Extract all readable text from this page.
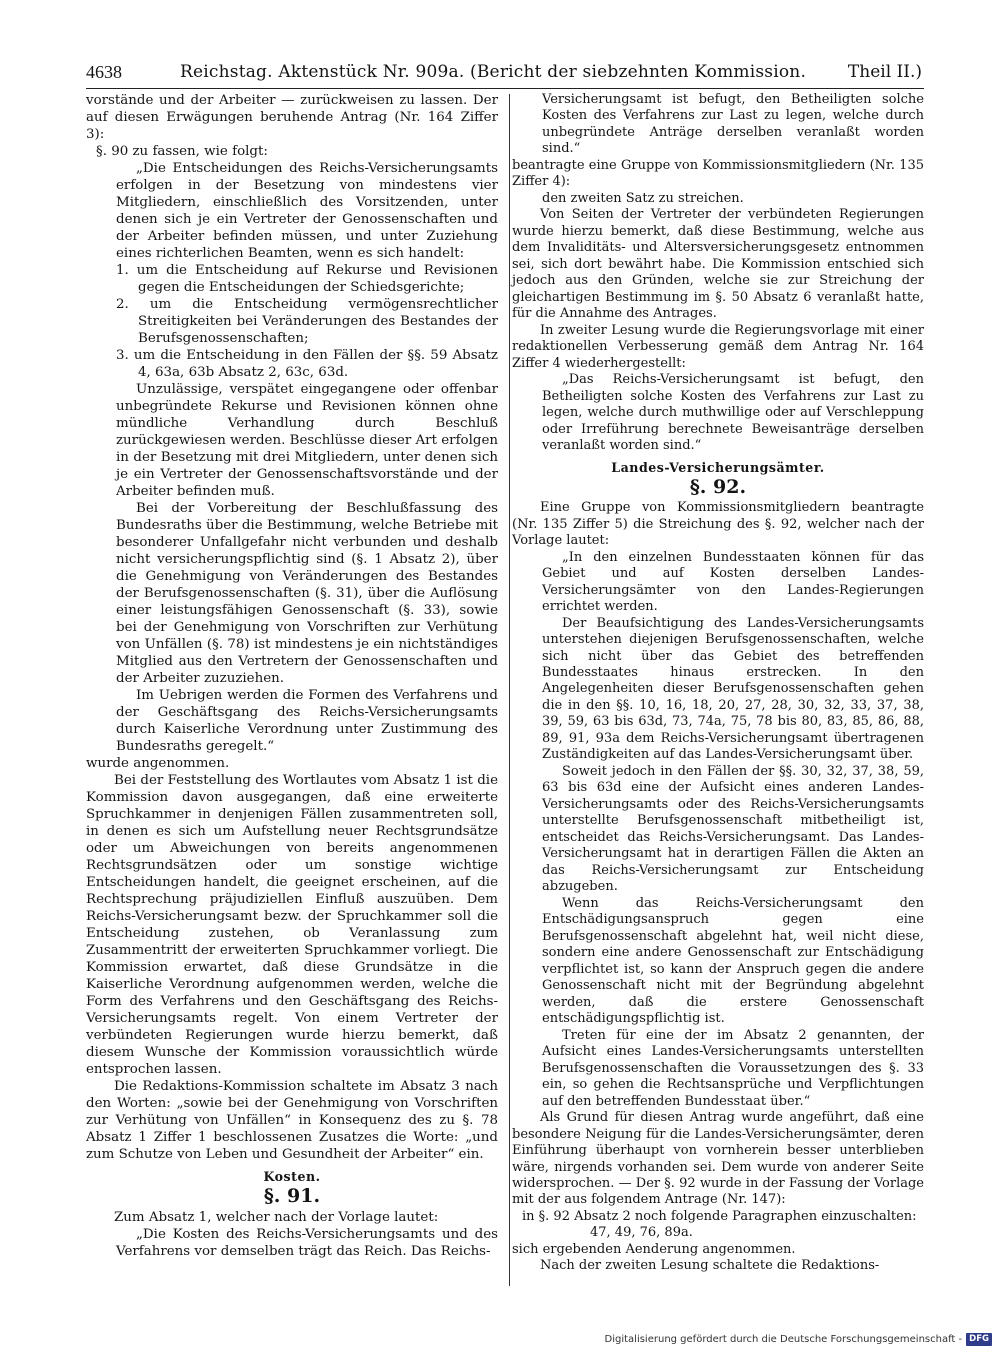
4638	Reichstag. Aktenstück Nr. 909a. (Bericht der siebzehnten Kommission. Theil II.)

vorstände und der Arbeiter — zurückweisen zu lassen. Der auf diesen Erwägungen beruhende Antrag (Nr. 164 Ziffer 3):

§. 90 zu fassen, wie folgt:

„Die Entscheidungen des Reichs-Versicherungsamts erfolgen in der Besetzung von mindestens vier Mitgliedern, einschließlich des Vorsitzenden, unter denen sich je ein Vertreter der Genossenschaften und der Arbeiter befinden müssen, und unter Zuziehung eines richterlichen Beamten, wenn es sich handelt:

1. um die Entscheidung auf Rekurse und Revisionen gegen die Entscheidungen der Schiedsgerichte;

2. um die Entscheidung vermögensrechtlicher Streitigkeiten bei Veränderungen des Bestandes der Berufsgenossenschaften;

3. um die Entscheidung in den Fällen der §§. 59 Absatz 4, 63a, 63b Absatz 2, 63c, 63d.

Unzulässige, verspätet eingegangene oder offenbar unbegründete Rekurse und Revisionen können ohne mündliche Verhandlung durch Beschluß zurückgewiesen werden. Beschlüsse dieser Art erfolgen in der Besetzung mit drei Mitgliedern, unter denen sich je ein Vertreter der Genossenschaftsvorstände und der Arbeiter befinden muß.

Bei der Vorbereitung der Beschlußfassung des Bundesraths über die Bestimmung, welche Betriebe mit besonderer Unfallgefahr nicht verbunden und deshalb nicht versicherungspflichtig sind (§. 1 Absatz 2), über die Genehmigung von Veränderungen des Bestandes der Berufsgenossenschaften (§. 31), über die Auflösung einer leistungsfähigen Genossenschaft (§. 33), sowie bei der Genehmigung von Vorschriften zur Verhütung von Unfällen (§. 78) ist mindestens je ein nichtständiges Mitglied aus den Vertretern der Genossenschaften und der Arbeiter zuzuziehen.

Im Uebrigen werden die Formen des Verfahrens und der Geschäftsgang des Reichs-Versicherungsamts durch Kaiserliche Verordnung unter Zustimmung des Bundesraths geregelt.“

wurde angenommen.

Bei der Feststellung des Wortlautes vom Absatz 1 ist die Kommission davon ausgegangen, daß eine erweiterte Spruchkammer in denjenigen Fällen zusammentreten soll, in denen es sich um Aufstellung neuer Rechtsgrundsätze oder um Abweichungen von bereits angenommenen Rechtsgrundsätzen oder um sonstige wichtige Entscheidungen handelt, die geeignet erscheinen, auf die Rechtsprechung präjudiziellen Einfluß auszuüben. Dem Reichs-Versicherungsamt bezw. der Spruchkammer soll die Entscheidung zustehen, ob Veranlassung zum Zusammentritt der erweiterten Spruchkammer vorliegt. Die Kommission erwartet, daß diese Grundsätze in die Kaiserliche Verordnung aufgenommen werden, welche die Form des Verfahrens und den Geschäftsgang des Reichs-Versicherungsamts regelt. Von einem Vertreter der verbündeten Regierungen wurde hierzu bemerkt, daß diesem Wunsche der Kommission voraussichtlich würde entsprochen lassen.

Die Redaktions-Kommission schaltete im Absatz 3 nach den Worten: „sowie bei der Genehmigung von Vorschriften zur Verhütung von Unfällen“ in Konsequenz des zu §. 78 Absatz 1 Ziffer 1 beschlossenen Zusatzes die Worte: „und zum Schutze von Leben und Gesundheit der Arbeiter“ ein.

Kosten.

§. 91.

Zum Absatz 1, welcher nach der Vorlage lautet:

„Die Kosten des Reichs-Versicherungsamts und des Verfahrens vor demselben trägt das Reich. Das Reichs-

Versicherungsamt ist befugt, den Betheiligten solche Kosten des Verfahrens zur Last zu legen, welche durch unbegründete Anträge derselben veranlaßt worden sind.“

beantragte eine Gruppe von Kommissionsmitgliedern (Nr. 135 Ziffer 4):

den zweiten Satz zu streichen.

Von Seiten der Vertreter der verbündeten Regierungen wurde hierzu bemerkt, daß diese Bestimmung, welche aus dem Invaliditäts- und Altersversicherungsgesetz entnommen sei, sich dort bewährt habe. Die Kommission entschied sich jedoch aus den Gründen, welche sie zur Streichung der gleichartigen Bestimmung im §. 50 Absatz 6 veranlaßt hatte, für die Annahme des Antrages.

In zweiter Lesung wurde die Regierungsvorlage mit einer redaktionellen Verbesserung gemäß dem Antrag Nr. 164 Ziffer 4 wiederhergestellt:

„Das Reichs-Versicherungsamt ist befugt, den Betheiligten solche Kosten des Verfahrens zur Last zu legen, welche durch muthwillige oder auf Verschleppung oder Irreführung berechnete Beweisanträge derselben veranlaßt worden sind.“

Landes-Versicherungsämter.

§. 92.

Eine Gruppe von Kommissionsmitgliedern beantragte (Nr. 135 Ziffer 5) die Streichung des §. 92, welcher nach der Vorlage lautet:

„In den einzelnen Bundesstaaten können für das Gebiet und auf Kosten derselben Landes-Versicherungsämter von den Landes-Regierungen errichtet werden.

Der Beaufsichtigung des Landes-Versicherungsamts unterstehen diejenigen Berufsgenossenschaften, welche sich nicht über das Gebiet des betreffenden Bundesstaates hinaus erstrecken. In den Angelegenheiten dieser Berufsgenossenschaften gehen die in den §§. 10, 16, 18, 20, 27, 28, 30, 32, 33, 37, 38, 39, 59, 63 bis 63d, 73, 74a, 75, 78 bis 80, 83, 85, 86, 88, 89, 91, 93a dem Reichs-Versicherungsamt übertragenen Zuständigkeiten auf das Landes-Versicherungsamt über.

Soweit jedoch in den Fällen der §§. 30, 32, 37, 38, 59, 63 bis 63d eine der Aufsicht eines anderen Landes-Versicherungsamts oder des Reichs-Versicherungsamts unterstellte Berufsgenossenschaft mitbetheiligt ist, entscheidet das Reichs-Versicherungsamt. Das Landes-Versicherungsamt hat in derartigen Fällen die Akten an das Reichs-Versicherungsamt zur Entscheidung abzugeben.

Wenn das Reichs-Versicherungsamt den Entschädigungsanspruch gegen eine Berufsgenossenschaft abgelehnt hat, weil nicht diese, sondern eine andere Genossenschaft zur Entschädigung verpflichtet ist, so kann der Anspruch gegen die andere Genossenschaft nicht mit der Begründung abgelehnt werden, daß die erstere Genossenschaft entschädigungspflichtig ist.

Treten für eine der im Absatz 2 genannten, der Aufsicht eines Landes-Versicherungsamts unterstellten Berufsgenossenschaften die Voraussetzungen des §. 33 ein, so gehen die Rechtsansprüche und Verpflichtungen auf den betreffenden Bundesstaat über.“

Als Grund für diesen Antrag wurde angeführt, daß eine besondere Neigung für die Landes-Versicherungsämter, deren Einführung überhaupt von vornherein besser unterblieben wäre, nirgends vorhanden sei. Dem wurde von anderer Seite widersprochen. — Der §. 92 wurde in der Fassung der Vorlage mit der aus folgendem Antrage (Nr. 147):

in §. 92 Absatz 2 noch folgende Paragraphen einzuschalten:

47, 49, 76, 89a.

sich ergebenden Aenderung angenommen.

Nach der zweiten Lesung schaltete die Redaktions-

Digitalisierung gefördert durch die Deutsche Forschungsgemeinschaft - DFG
